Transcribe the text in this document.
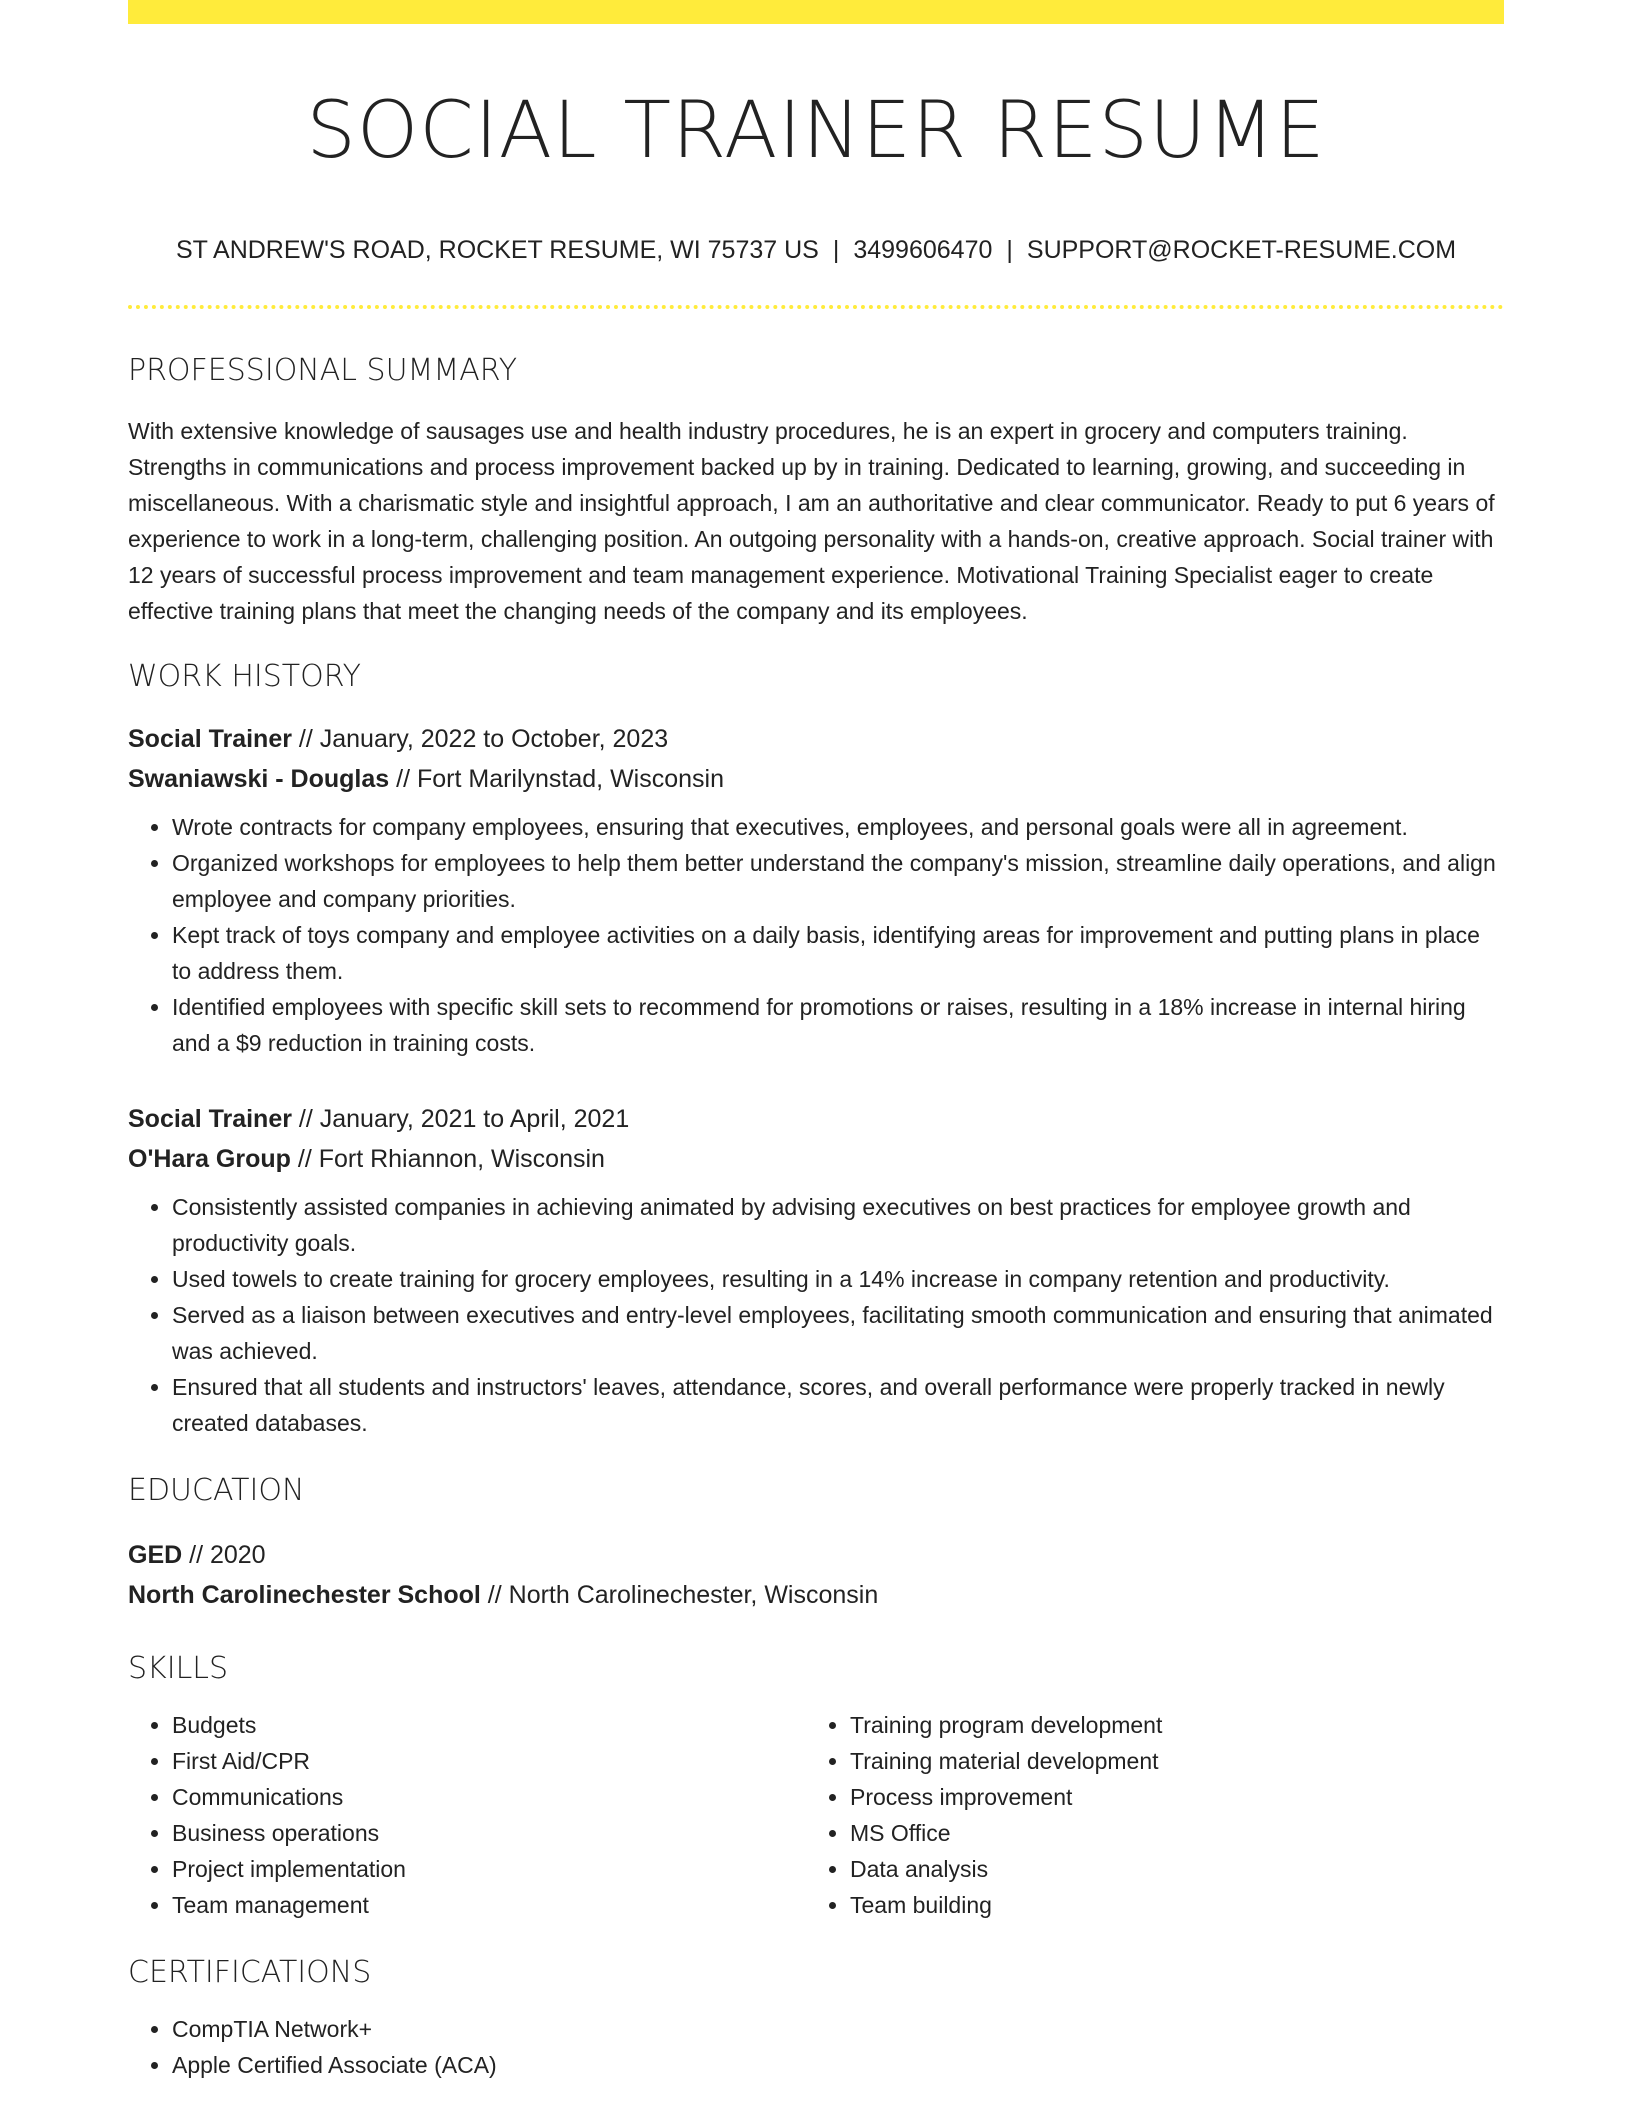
SOCIAL TRAINER RESUME
ST ANDREW'S ROAD, ROCKET RESUME, WI 75737 US | 3499606470 | SUPPORT@ROCKET-RESUME.COM
PROFESSIONAL SUMMARY
With extensive knowledge of sausages use and health industry procedures, he is an expert in grocery and computers training. Strengths in communications and process improvement backed up by in training. Dedicated to learning, growing, and succeeding in miscellaneous. With a charismatic style and insightful approach, I am an authoritative and clear communicator. Ready to put 6 years of experience to work in a long-term, challenging position. An outgoing personality with a hands-on, creative approach. Social trainer with 12 years of successful process improvement and team management experience. Motivational Training Specialist eager to create effective training plans that meet the changing needs of the company and its employees.
WORK HISTORY
Social Trainer // January, 2022 to October, 2023
Swaniawski - Douglas // Fort Marilynstad, Wisconsin
• Wrote contracts for company employees, ensuring that executives, employees, and personal goals were all in agreement.
• Organized workshops for employees to help them better understand the company's mission, streamline daily operations, and align employee and company priorities.
• Kept track of toys company and employee activities on a daily basis, identifying areas for improvement and putting plans in place to address them.
• Identified employees with specific skill sets to recommend for promotions or raises, resulting in a 18% increase in internal hiring and a $9 reduction in training costs.
Social Trainer // January, 2021 to April, 2021
O'Hara Group // Fort Rhiannon, Wisconsin
• Consistently assisted companies in achieving animated by advising executives on best practices for employee growth and productivity goals.
• Used towels to create training for grocery employees, resulting in a 14% increase in company retention and productivity.
• Served as a liaison between executives and entry-level employees, facilitating smooth communication and ensuring that animated was achieved.
• Ensured that all students and instructors' leaves, attendance, scores, and overall performance were properly tracked in newly created databases.
EDUCATION
GED // 2020
North Carolinechester School // North Carolinechester, Wisconsin
SKILLS
• Budgets
• First Aid/CPR
• Communications
• Business operations
• Project implementation
• Team management
• Training program development
• Training material development
• Process improvement
• MS Office
• Data analysis
• Team building
CERTIFICATIONS
• CompTIA Network+
• Apple Certified Associate (ACA)
